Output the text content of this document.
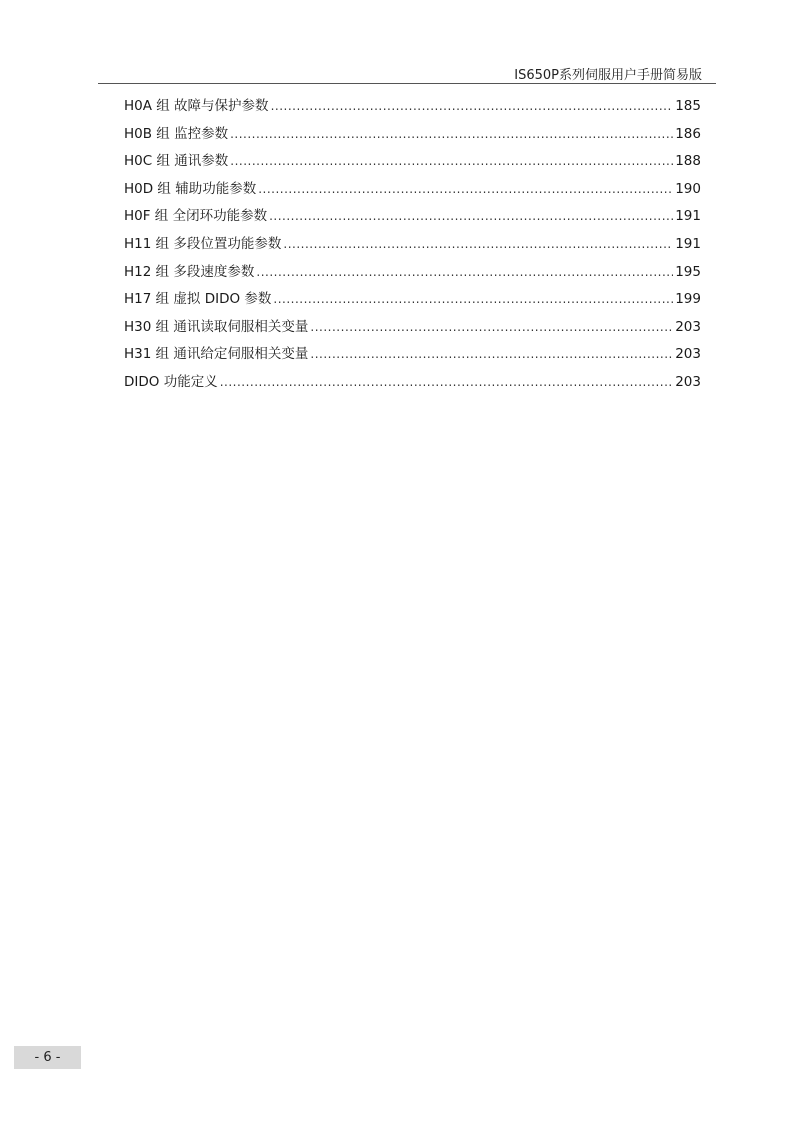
IS650P系列伺服用户手册简易版
H0A 组 故障与保护参数 .....	185
H0B 组 监控参数 .....	186
H0C 组 通讯参数 .....	188
H0D 组 辅助功能参数 .....	190
H0F 组 全闭环功能参数 .....	191
H11 组 多段位置功能参数 .....	191
H12 组 多段速度参数 .....	195
H17 组 虚拟 DIDO 参数 .....	199
H30 组 通讯读取伺服相关变量 .....	203
H31 组 通讯给定伺服相关变量 .....	203
DIDO 功能定义 .....	203
- 6 -
